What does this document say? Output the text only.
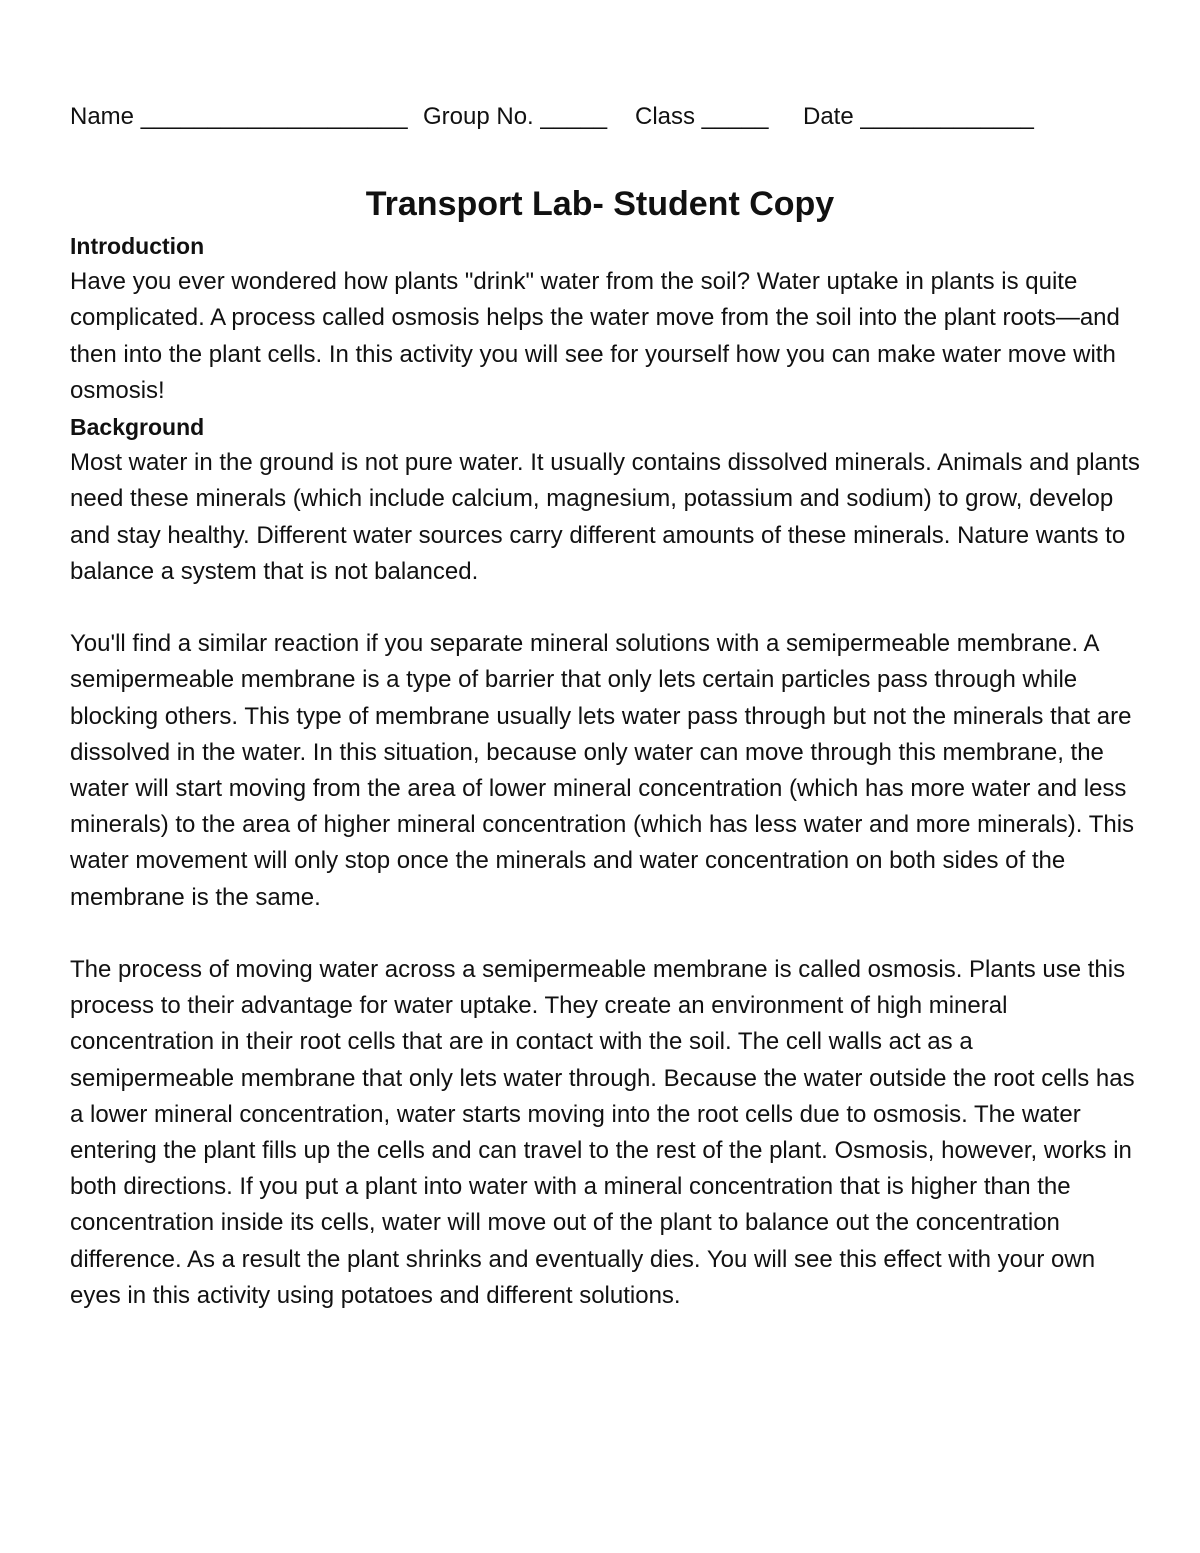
Name ____________________ Group No. _____ Class _____ Date _____________
Transport Lab- Student Copy

Introduction

Have you ever wondered how plants "drink" water from the soil? Water uptake in plants is quite complicated. A process called osmosis helps the water move from the soil into the plant roots—and then into the plant cells. In this activity you will see for yourself how you can make water move with osmosis!

Background

Most water in the ground is not pure water. It usually contains dissolved minerals. Animals and plants need these minerals (which include calcium, magnesium, potassium and sodium) to grow, develop and stay healthy. Different water sources carry different amounts of these minerals. Nature wants to balance a system that is not balanced.

You'll find a similar reaction if you separate mineral solutions with a semipermeable membrane. A semipermeable membrane is a type of barrier that only lets certain particles pass through while blocking others. This type of membrane usually lets water pass through but not the minerals that are dissolved in the water. In this situation, because only water can move through this membrane, the water will start moving from the area of lower mineral concentration (which has more water and less minerals) to the area of higher mineral concentration (which has less water and more minerals). This water movement will only stop once the minerals and water concentration on both sides of the membrane is the same.

The process of moving water across a semipermeable membrane is called osmosis. Plants use this process to their advantage for water uptake. They create an environment of high mineral concentration in their root cells that are in contact with the soil. The cell walls act as a semipermeable membrane that only lets water through. Because the water outside the root cells has a lower mineral concentration, water starts moving into the root cells due to osmosis. The water entering the plant fills up the cells and can travel to the rest of the plant. Osmosis, however, works in both directions. If you put a plant into water with a mineral concentration that is higher than the concentration inside its cells, water will move out of the plant to balance out the concentration difference. As a result the plant shrinks and eventually dies. You will see this effect with your own eyes in this activity using potatoes and different solutions.
